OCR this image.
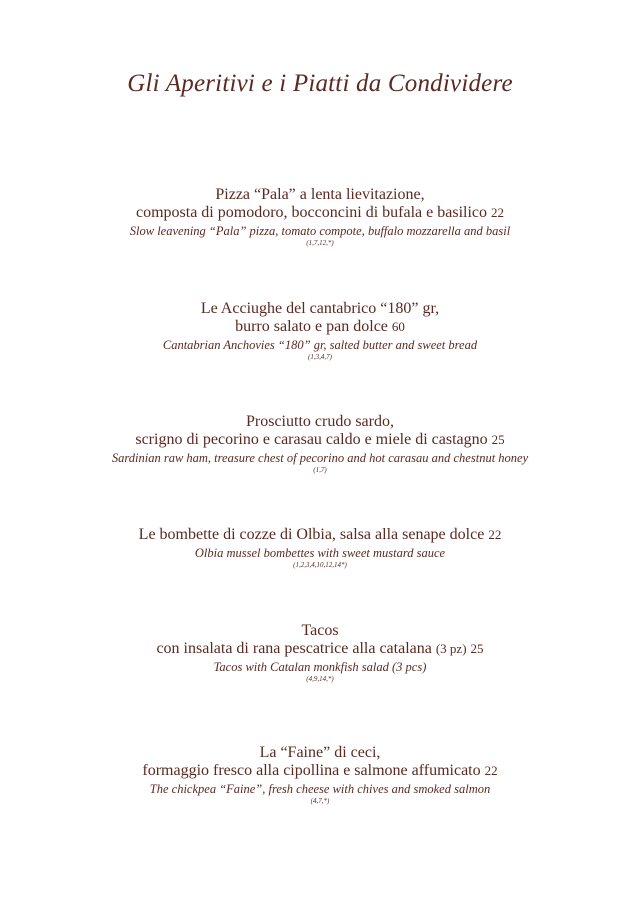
Gli Aperitivi e i Piatti da Condividere
Pizza “Pala” a lenta lievitazione,
composta di pomodoro, bocconcini di bufala e basilico 22
Slow leavening “Pala” pizza, tomato compote, buffalo mozzarella and basil
(1,7,12,*)
Le Acciughe del cantabrico “180” gr,
burro salato e pan dolce 60
Cantabrian Anchovies “180” gr, salted butter and sweet bread
(1,3,4,7)
Prosciutto crudo sardo,
scrigno di pecorino e carasau caldo e miele di castagno 25
Sardinian raw ham, treasure chest of pecorino and hot carasau and chestnut honey
(1,7)
Le bombette di cozze di Olbia, salsa alla senape dolce 22
Olbia mussel bombettes with sweet mustard sauce
(1,2,3,4,10,12,14*)
Tacos
con insalata di rana pescatrice alla catalana (3 pz) 25
Tacos with Catalan monkfish salad (3 pcs)
(4,9,14,*)
La “Faine” di ceci,
formaggio fresco alla cipollina e salmone affumicato 22
The chickpea “Faine”, fresh cheese with chives and smoked salmon
(4,7,*)
